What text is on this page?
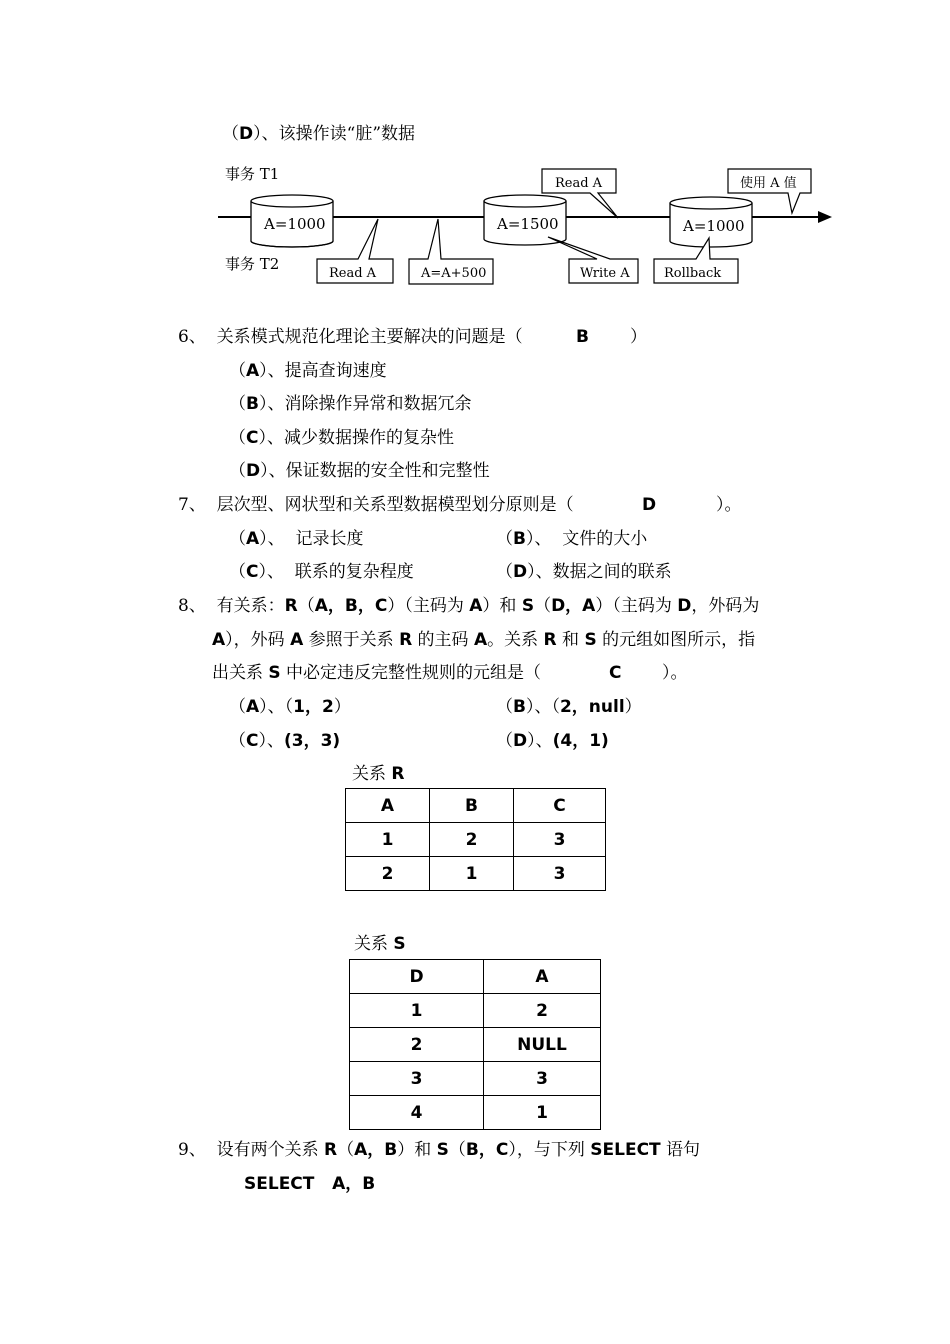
（D）、该操作读“脏”数据
事务 T1
事务 T2
A=1000	A=1500	A=1000
Read A	使用 A 值
Read A	A=A+500	Write A	Rollback
6、 关系模式规范化理论主要解决的问题是（	B ）
（A）、提高查询速度
（B）、消除操作异常和数据冗余
（C）、减少数据操作的复杂性
（D）、保证数据的安全性和完整性
7、 层次型、网状型和关系型数据模型划分原则是（	D	）。
（A）、  记录长度	（B）、  文件的大小
（C）、  联系的复杂程度	（D）、数据之间的联系
8、 有关系：R（A，B，C）（主码为 A）和 S（D，A）（主码为 D，外码为
A），外码 A 参照于关系 R 的主码 A。关系 R 和 S 的元组如图所示，指
出关系 S 中必定违反完整性规则的元组是（	C ）。
（A）、（1，2）	（B）、（2，null）
（C）、(3，3)	（D）、(4，1)
关系 R
A	B	C
1	2	3
2	1	3
关系 S
D	A
1	2
2	NULL
3	3
4	1
9、 设有两个关系 R（A，B）和 S（B，C），与下列 SELECT 语句
SELECT   A，B
